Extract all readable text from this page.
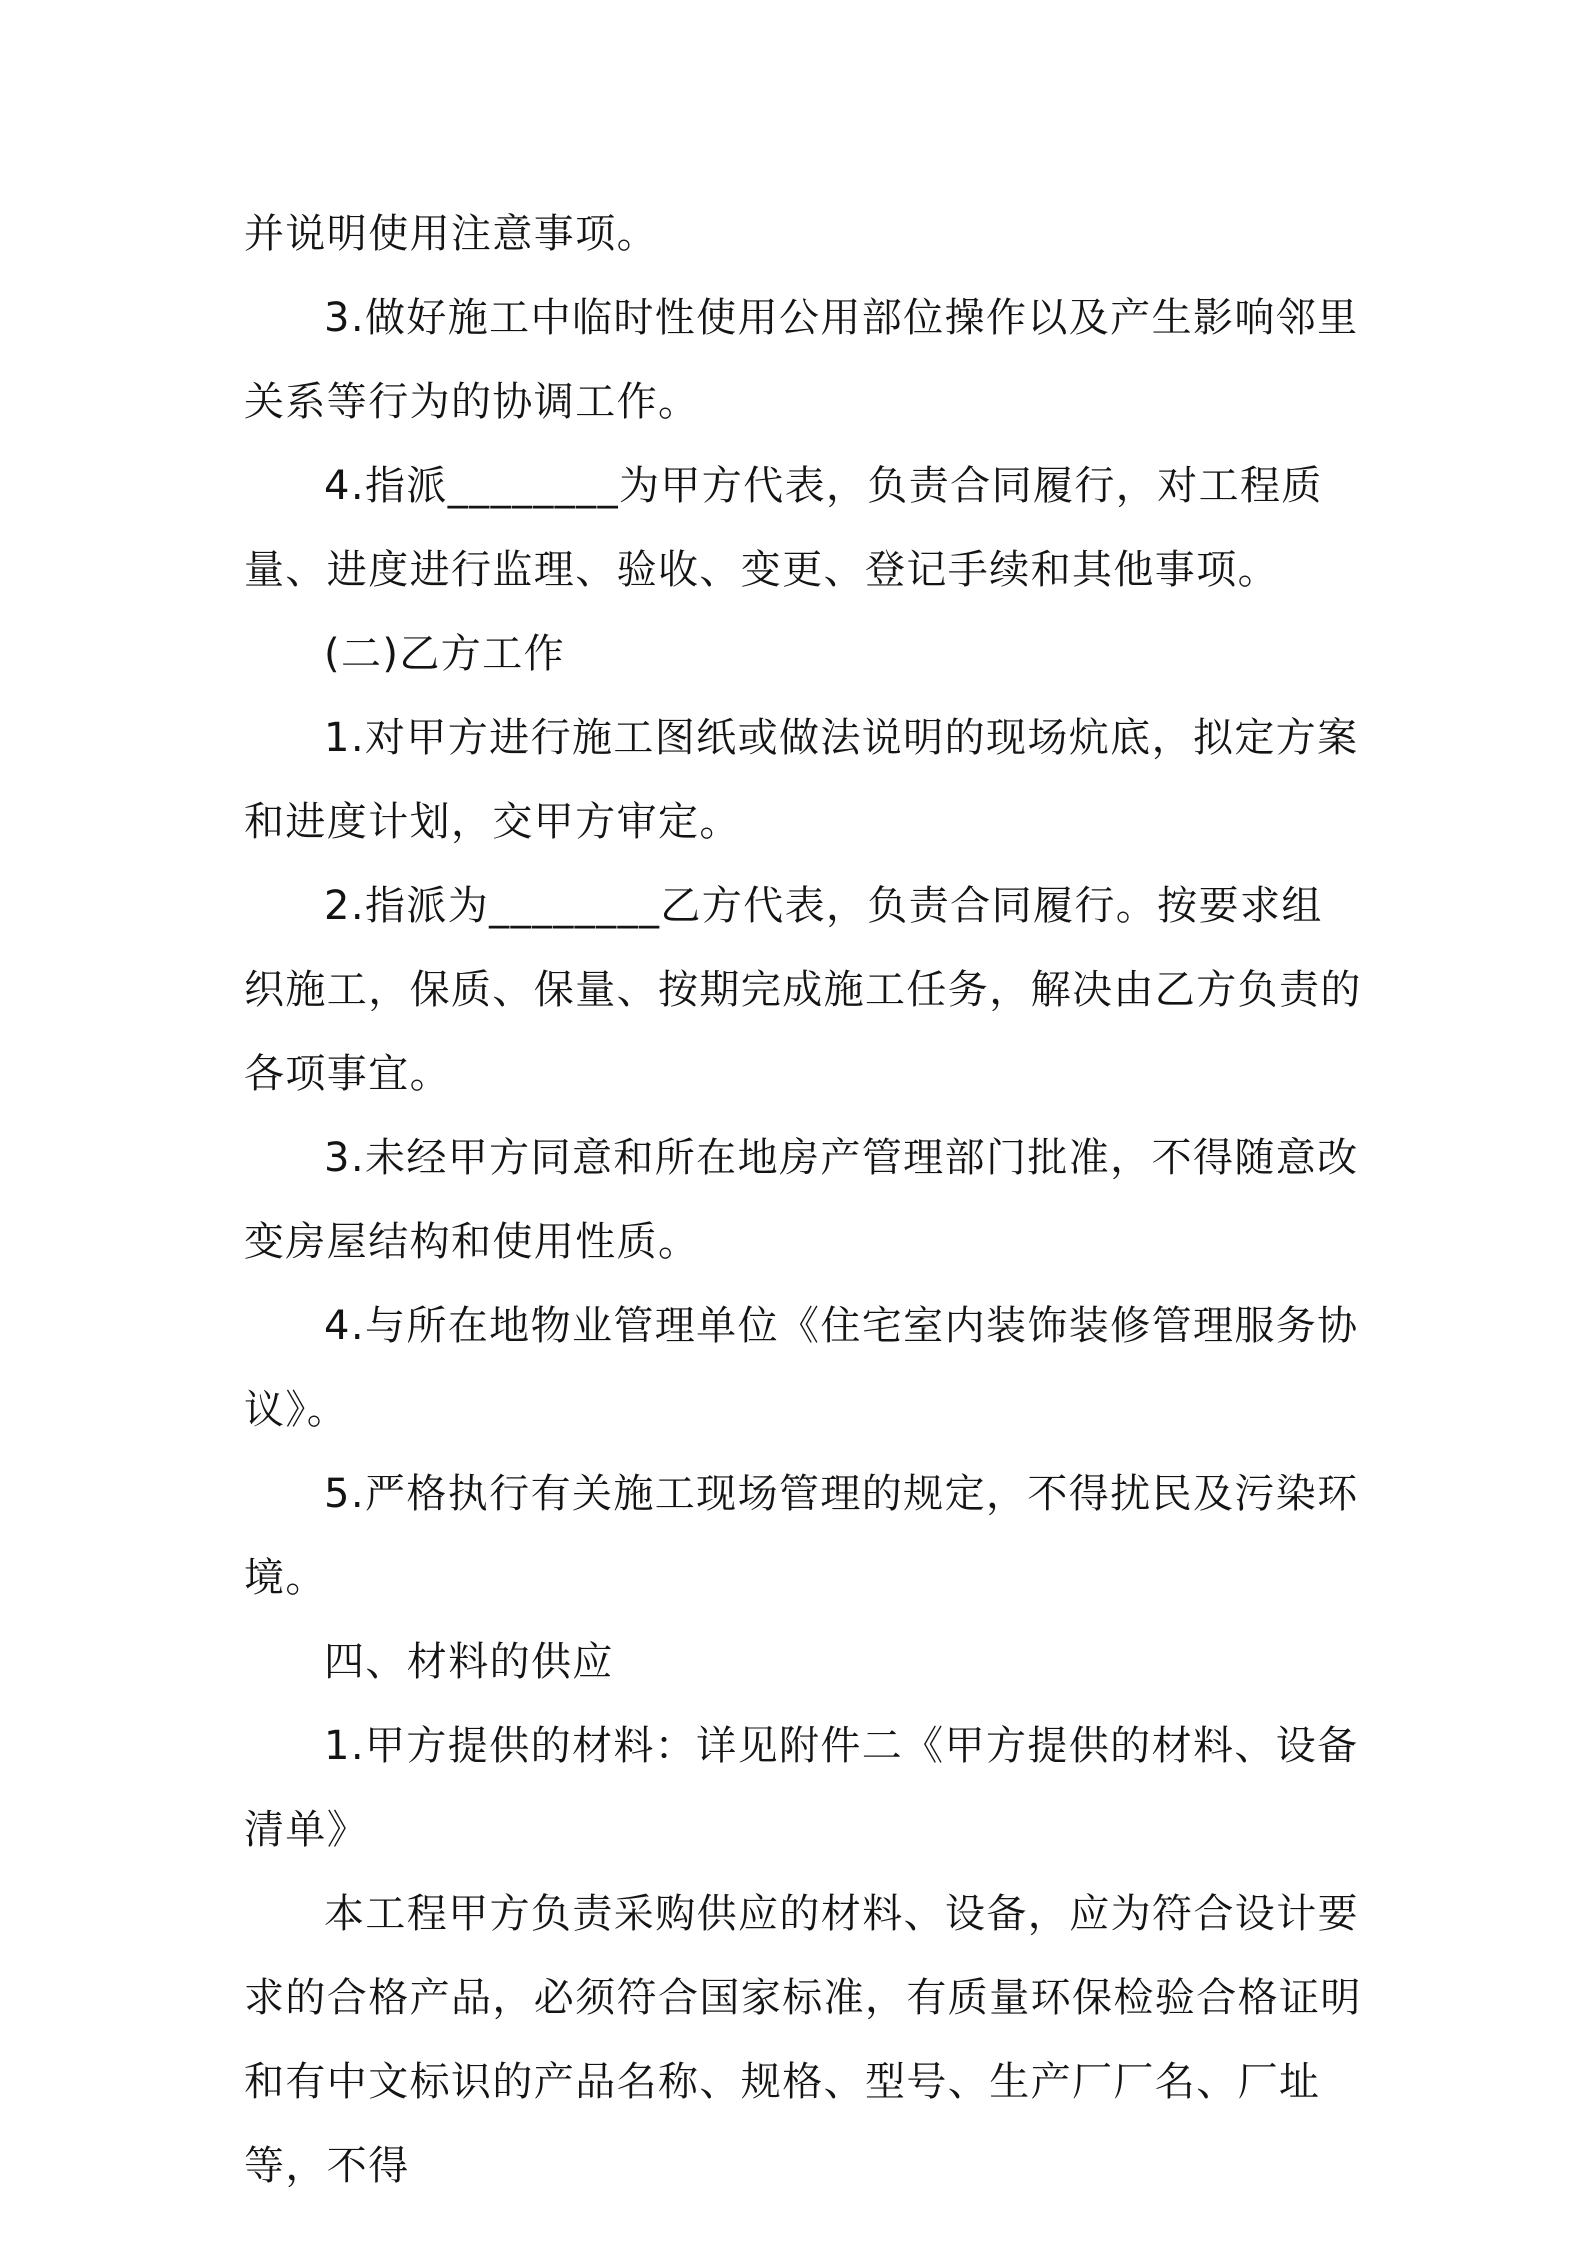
并说明使用注意事项。

3.做好施工中临时性使用公用部位操作以及产生影响邻里关系等行为的协调工作。

4.指派________为甲方代表，负责合同履行，对工程质量、进度进行监理、验收、变更、登记手续和其他事项。

(二)乙方工作

1.对甲方进行施工图纸或做法说明的现场炕底，拟定方案和进度计划，交甲方审定。

2.指派为________乙方代表，负责合同履行。按要求组织施工，保质、保量、按期完成施工任务，解决由乙方负责的各项事宜。

3.未经甲方同意和所在地房产管理部门批准，不得随意改变房屋结构和使用性质。

4.与所在地物业管理单位《住宅室内装饰装修管理服务协议》。

5.严格执行有关施工现场管理的规定，不得扰民及污染环境。

四、材料的供应

1.甲方提供的材料：详见附件二《甲方提供的材料、设备清单》

本工程甲方负责采购供应的材料、设备，应为符合设计要求的合格产品，必须符合国家标准，有质量环保检验合格证明和有中文标识的产品名称、规格、型号、生产厂厂名、厂址等，不得
